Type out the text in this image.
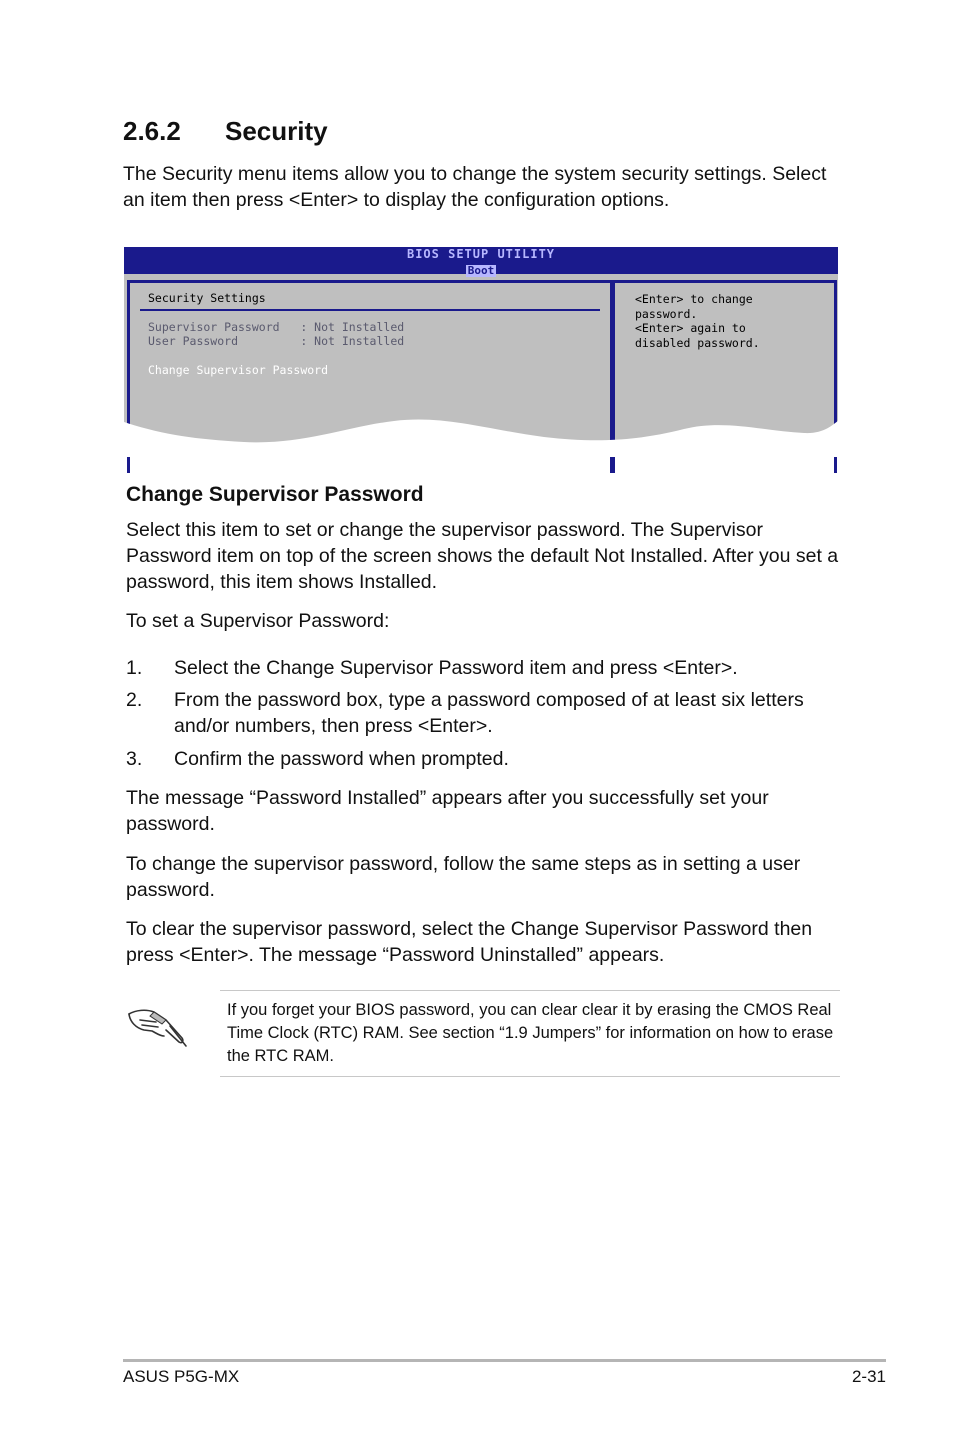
2.6.2 Security
The Security menu items allow you to change the system security settings. Select an item then press <Enter> to display the configuration options.
BIOS SETUP UTILITY
Boot
Security Settings
Supervisor Password   : Not Installed
User Password         : Not Installed
Change Supervisor Password
<Enter> to change
password.
<Enter> again to
disabled password.
Change Supervisor Password
Select this item to set or change the supervisor password. The Supervisor Password item on top of the screen shows the default Not Installed. After you set a password, this item shows Installed.
To set a Supervisor Password:
1. Select the Change Supervisor Password item and press <Enter>.
2. From the password box, type a password composed of at least six letters and/or numbers, then press <Enter>.
3. Confirm the password when prompted.
The message “Password Installed” appears after you successfully set your password.
To change the supervisor password, follow the same steps as in setting a user password.
To clear the supervisor password, select the Change Supervisor Password then press <Enter>. The message “Password Uninstalled” appears.
If you forget your BIOS password, you can clear clear it by erasing the CMOS Real Time Clock (RTC) RAM. See section “1.9 Jumpers” for information on how to erase the RTC RAM.
ASUS P5G-MX	2-31
